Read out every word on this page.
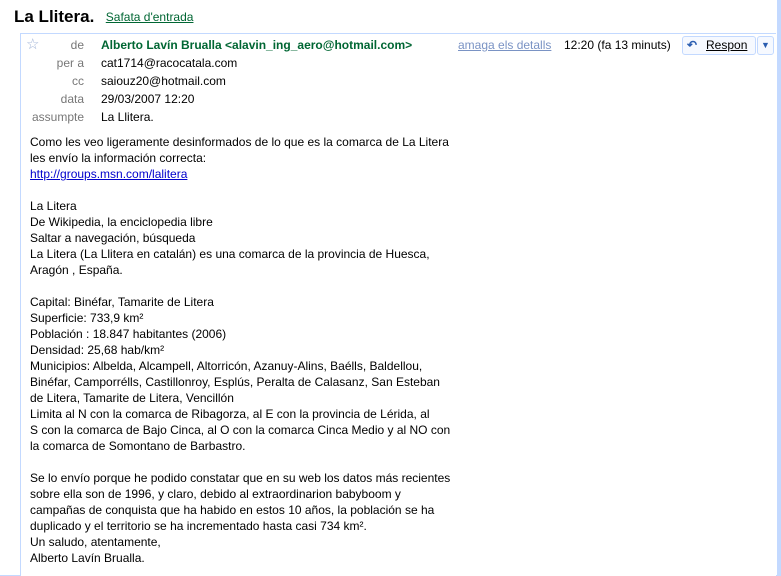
La Llitera. Safata d'entrada
☆	de Alberto Lavín Brualla <alavin_ing_aero@hotmail.com>	amaga els detalls 12:20 (fa 13 minuts) ↶ Respon	▼
per a cat1714@racocatala.com
cc saiouz20@hotmail.com
data 29/03/2007 12:20
assumpte La Llitera.
Como les veo ligeramente desinformados de lo que es la comarca de La Litera
les envío la información correcta:
http://groups.msn.com/lalitera

La Litera
De Wikipedia, la enciclopedia libre
Saltar a navegación, búsqueda
La Litera (La Llitera en catalán) es una comarca de la provincia de Huesca,
Aragón , España.

Capital: Binéfar, Tamarite de Litera
Superficie: 733,9 km²
Población : 18.847 habitantes (2006)
Densidad: 25,68 hab/km²
Municipios: Albelda, Alcampell, Altorricón, Azanuy-Alins, Baélls, Baldellou,
Binéfar, Camporrélls, Castillonroy, Esplús, Peralta de Calasanz, San Esteban
de Litera, Tamarite de Litera, Vencillón
Limita al N con la comarca de Ribagorza, al E con la provincia de Lérida, al
S con la comarca de Bajo Cinca, al O con la comarca Cinca Medio y al NO con
la comarca de Somontano de Barbastro.

Se lo envío porque he podido constatar que en su web los datos más recientes
sobre ella son de 1996, y claro, debido al extraordinarion babyboom y
campañas de conquista que ha habido en estos 10 años, la población se ha
duplicado y el territorio se ha incrementado hasta casi 734 km².
Un saludo, atentamente,
Alberto Lavín Brualla.
